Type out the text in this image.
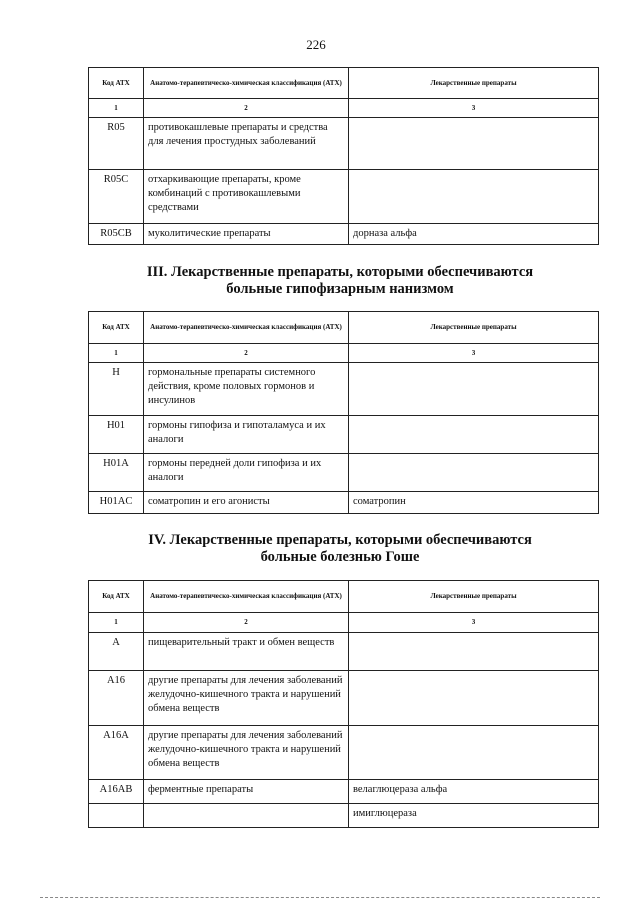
226
Код АТХ	Анатомо-терапевтическо-химическая классификация (АТХ)	Лекарственные препараты
1	2	3
R05	противокашлевые препараты и средства для лечения простудных заболеваний	
R05C	отхаркивающие препараты, кроме комбинаций с противокашлевыми средствами	
R05CB	муколитические препараты	дорназа альфа
III. Лекарственные препараты, которыми обеспечиваются
больные гипофизарным нанизмом
Код АТХ	Анатомо-терапевтическо-химическая классификация (АТХ)	Лекарственные препараты
1	2	3
H	гормональные препараты системного действия, кроме половых гормонов и инсулинов	
H01	гормоны гипофиза и гипоталамуса и их аналоги	
H01A	гормоны передней доли гипофиза и их аналоги	
H01AC	соматропин и его агонисты	соматропин
IV. Лекарственные препараты, которыми обеспечиваются
больные болезнью Гоше
Код АТХ	Анатомо-терапевтическо-химическая классификация (АТХ)	Лекарственные препараты
1	2	3
A	пищеварительный тракт и обмен веществ	
A16	другие препараты для лечения заболеваний желудочно-кишечного тракта и нарушений обмена веществ	
A16A	другие препараты для лечения заболеваний желудочно-кишечного тракта и нарушений обмена веществ	
A16AB	ферментные препараты	велаглюцераза альфа
		имиглюцераза
